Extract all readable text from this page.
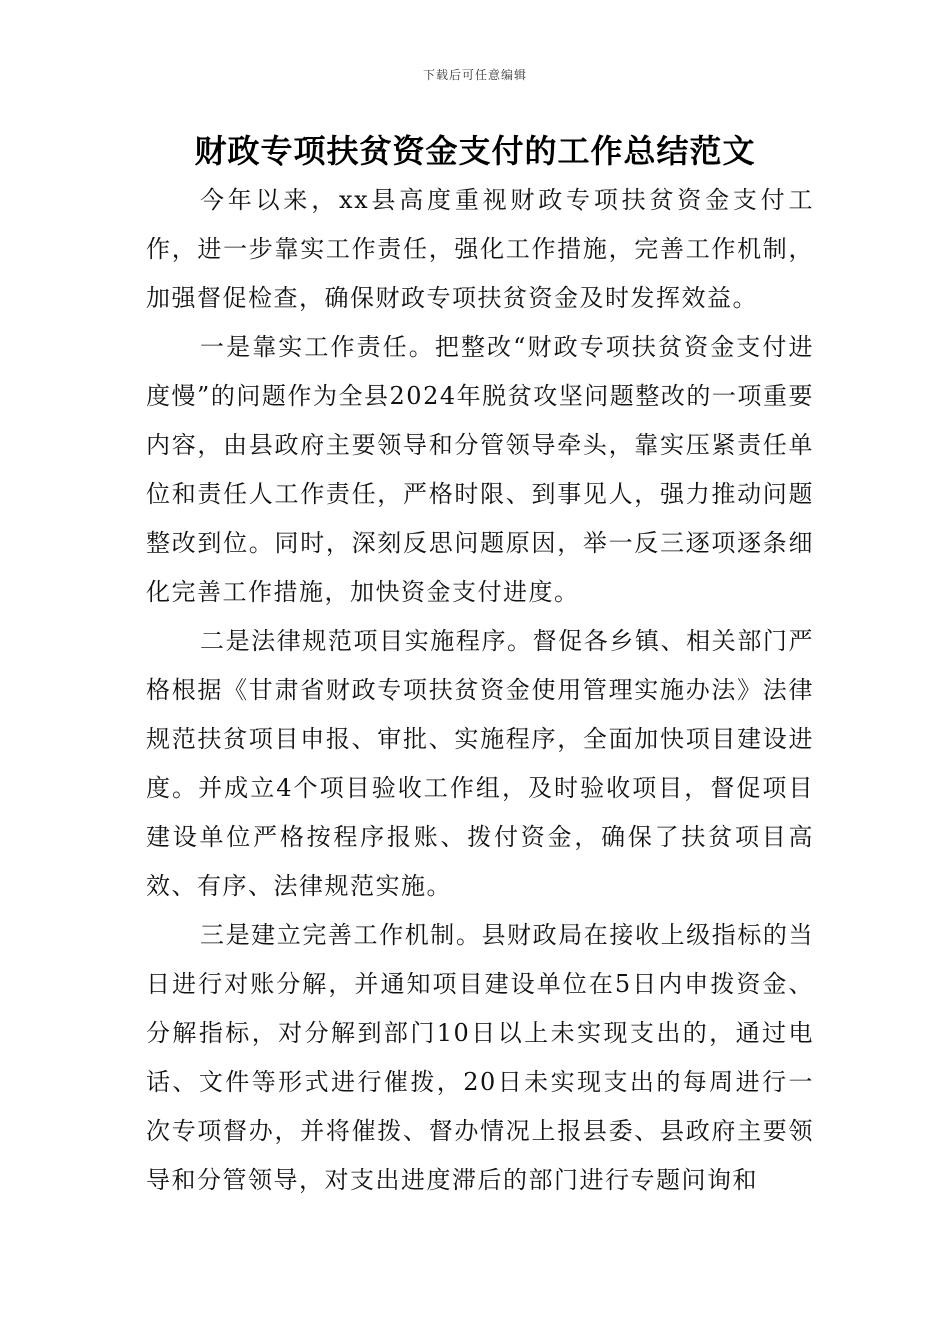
下载后可任意编辑
财政专项扶贫资金支付的工作总结范文

今年以来，xx县高度重视财政专项扶贫资金支付工作，进一步靠实工作责任，强化工作措施，完善工作机制，加强督促检查，确保财政专项扶贫资金及时发挥效益。

一是靠实工作责任。把整改“财政专项扶贫资金支付进度慢”的问题作为全县2024年脱贫攻坚问题整改的一项重要内容，由县政府主要领导和分管领导牵头，靠实压紧责任单位和责任人工作责任，严格时限、到事见人，强力推动问题整改到位。同时，深刻反思问题原因，举一反三逐项逐条细化完善工作措施，加快资金支付进度。

二是法律规范项目实施程序。督促各乡镇、相关部门严格根据《甘肃省财政专项扶贫资金使用管理实施办法》法律规范扶贫项目申报、审批、实施程序，全面加快项目建设进度。并成立4个项目验收工作组，及时验收项目，督促项目建设单位严格按程序报账、拨付资金，确保了扶贫项目高效、有序、法律规范实施。

三是建立完善工作机制。县财政局在接收上级指标的当日进行对账分解，并通知项目建设单位在5日内申拨资金、分解指标，对分解到部门10日以上未实现支出的，通过电话、文件等形式进行催拨，20日未实现支出的每周进行一次专项督办，并将催拨、督办情况上报县委、县政府主要领导和分管领导，对支出进度滞后的部门进行专题问询和
